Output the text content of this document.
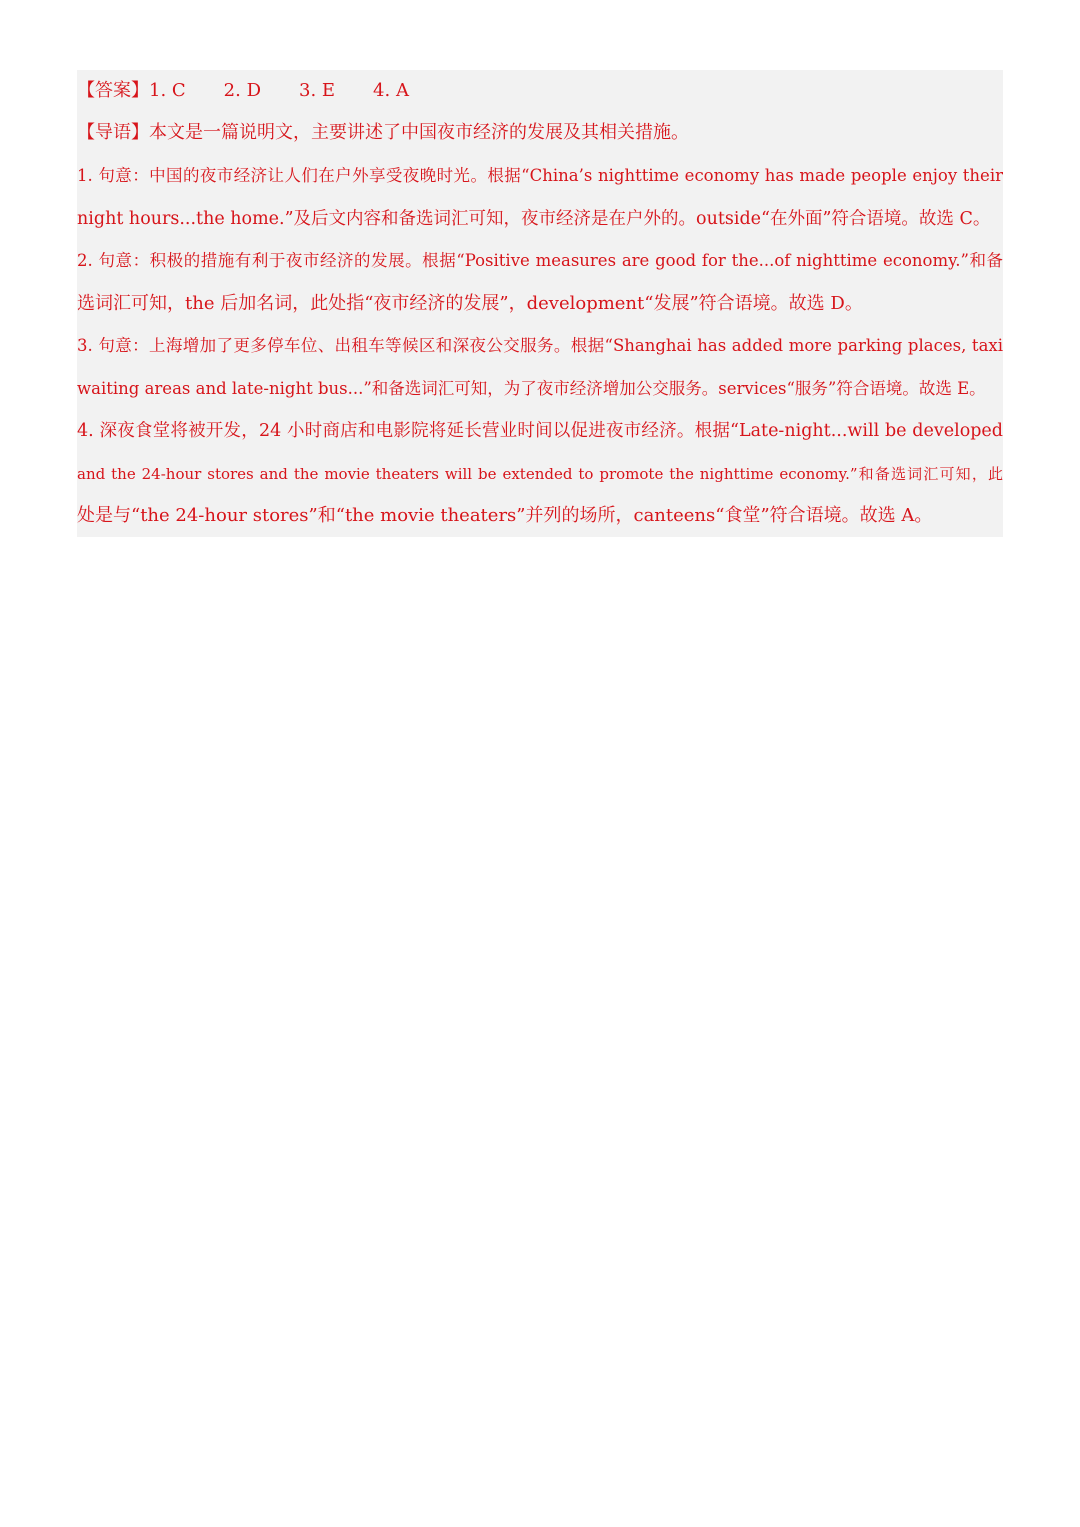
【答案】1. C 2. D 3. E 4. A
【导语】本文是一篇说明文，主要讲述了中国夜市经济的发展及其相关措施。
1. 句意：中国的夜市经济让人们在户外享受夜晚时光。根据“China’s nighttime economy has made people enjoy their
night hours...the home.”及后文内容和备选词汇可知，夜市经济是在户外的。outside“在外面”符合语境。故选 C。
2. 句意：积极的措施有利于夜市经济的发展。根据“Positive measures are good for the...of nighttime economy.”和备
选词汇可知，the 后加名词，此处指“夜市经济的发展”，development“发展”符合语境。故选 D。
3. 句意：上海增加了更多停车位、出租车等候区和深夜公交服务。根据“Shanghai has added more parking places, taxi
waiting areas and late-night bus...”和备选词汇可知，为了夜市经济增加公交服务。services“服务”符合语境。故选 E。
4. 深夜食堂将被开发，24 小时商店和电影院将延长营业时间以促进夜市经济。根据“Late-night...will be developed
and the 24-hour stores and the movie theaters will be extended to promote the nighttime economy.”和备选词汇可知，此
处是与“the 24-hour stores”和“the movie theaters”并列的场所，canteens“食堂”符合语境。故选 A。
